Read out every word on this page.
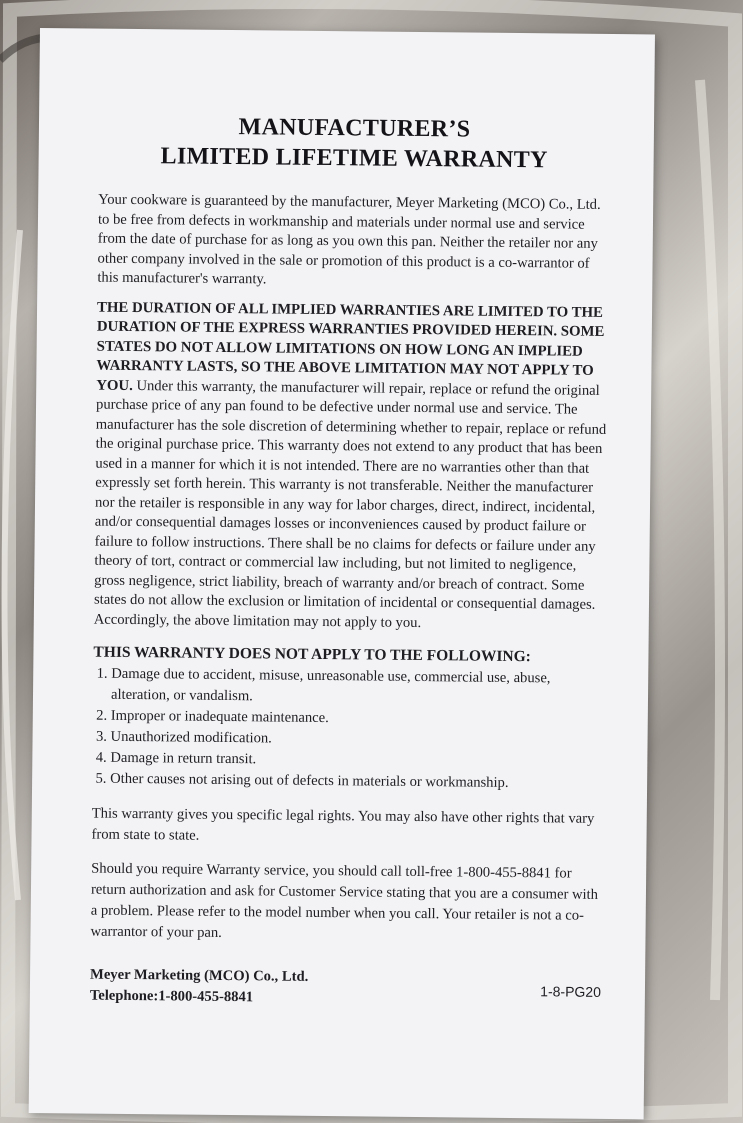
MANUFACTURER’S
LIMITED LIFETIME WARRANTY

Your cookware is guaranteed by the manufacturer, Meyer Marketing (MCO) Co., Ltd. to be free from defects in workmanship and materials under normal use and service from the date of purchase for as long as you own this pan. Neither the retailer nor any other company involved in the sale or promotion of this product is a co-warrantor of this manufacturer's warranty.

THE DURATION OF ALL IMPLIED WARRANTIES ARE LIMITED TO THE DURATION OF THE EXPRESS WARRANTIES PROVIDED HEREIN. SOME STATES DO NOT ALLOW LIMITATIONS ON HOW LONG AN IMPLIED WARRANTY LASTS, SO THE ABOVE LIMITATION MAY NOT APPLY TO YOU. Under this warranty, the manufacturer will repair, replace or refund the original purchase price of any pan found to be defective under normal use and service. The manufacturer has the sole discretion of determining whether to repair, replace or refund the original purchase price. This warranty does not extend to any product that has been used in a manner for which it is not intended. There are no warranties other than that expressly set forth herein. This warranty is not transferable. Neither the manufacturer nor the retailer is responsible in any way for labor charges, direct, indirect, incidental, and/or consequential damages losses or inconveniences caused by product failure or failure to follow instructions. There shall be no claims for defects or failure under any theory of tort, contract or commercial law including, but not limited to negligence, gross negligence, strict liability, breach of warranty and/or breach of contract. Some states do not allow the exclusion or limitation of incidental or consequential damages. Accordingly, the above limitation may not apply to you.

THIS WARRANTY DOES NOT APPLY TO THE FOLLOWING:
1. Damage due to accident, misuse, unreasonable use, commercial use, abuse, alteration, or vandalism.
2. Improper or inadequate maintenance.
3. Unauthorized modification.
4. Damage in return transit.
5. Other causes not arising out of defects in materials or workmanship.

This warranty gives you specific legal rights. You may also have other rights that vary from state to state.

Should you require Warranty service, you should call toll-free 1-800-455-8841 for return authorization and ask for Customer Service stating that you are a consumer with a problem. Please refer to the model number when you call. Your retailer is not a co-warrantor of your pan.

Meyer Marketing (MCO) Co., Ltd.
Telephone:1-800-455-8841	1-8-PG20
